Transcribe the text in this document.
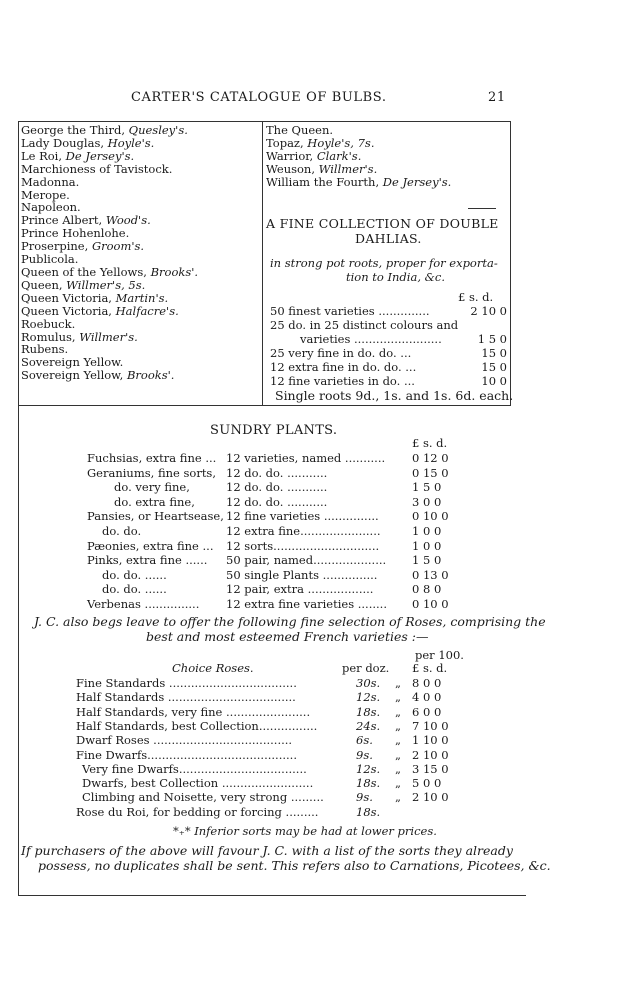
CARTER'S CATALOGUE OF BULBS.	21
George the Third, Quesley's.
Lady Douglas, Hoyle's.
Le Roi, De Jersey's.
Marchioness of Tavistock.
Madonna.
Merope.
Napoleon.
Prince Albert, Wood's.
Prince Hohenlohe.
Proserpine, Groom's.
Publicola.
Queen of the Yellows, Brooks'.
Queen, Willmer's, 5s.
Queen Victoria, Martin's.
Queen Victoria, Halfacre's.
Roebuck.
Romulus, Willmer's.
Rubens.
Sovereign Yellow.
Sovereign Yellow, Brooks'.
The Queen.
Topaz, Hoyle's, 7s.
Warrior, Clark's.
Weuson, Willmer's.
William the Fourth, De Jersey's.
A FINE COLLECTION OF DOUBLE
DAHLIAS.
in strong pot roots, proper for exporta-
tion to India, &c.
£ s. d.
50 finest varieties ..............	2 10 0
25 do. in 25 distinct colours and
varieties ........................	1 5 0
25 very fine in do. do. ...	15 0
12 extra fine in do. do. ...	15 0
12 fine varieties in do. ...	10 0
Single roots 9d., 1s. and 1s. 6d. each.
SUNDRY PLANTS.
£ s. d.
Fuchsias, extra fine ... 12 varieties, named ........... 0 12 0
Geraniums, fine sorts, 12 do. do. ...........	0 15 0
do. very fine,	12 do. do. ...........	1 5 0
do. extra fine,	12 do. do. ...........	3 0 0
Pansies, or Heartsease, 12 fine varieties ...............	0 10 0
do. do.	12 extra fine......................	1 0 0
Pæonies, extra fine ... 12 sorts.............................	1 0 0
Pinks, extra fine ...... 50 pair, named.................... 1 5 0
do. do. ......	50 single Plants ...............	0 13 0
do. do. ......	12 pair, extra ..................	0 8 0
Verbenas ............... 12 extra fine varieties ........ 0 10 0
J. C. also begs leave to offer the following fine selection of Roses, comprising the
best and most esteemed French varieties :—
per 100.
Choice Roses.	per doz. £ s. d.
Fine Standards ...................................	30s. „ 8 0 0
Half Standards ...................................	12s. „ 4 0 0
Half Standards, very fine .......................	18s. „ 6 0 0
Half Standards, best Collection................	24s. „ 7 10 0
Dwarf Roses ......................................	6s. „ 1 10 0
Fine Dwarfs.........................................	9s. „ 2 10 0
Very fine Dwarfs...................................	12s. „ 3 15 0
Dwarfs, best Collection .........................	18s. „ 5 0 0
Climbing and Noisette, very strong .........	9s. „ 2 10 0
Rose du Roi, for bedding or forcing .........	18s.
*₊* Inferior sorts may be had at lower prices.
If purchasers of the above will favour J. C. with a list of the sorts they already
possess, no duplicates shall be sent. This refers also to Carnations, Picotees, &c.
